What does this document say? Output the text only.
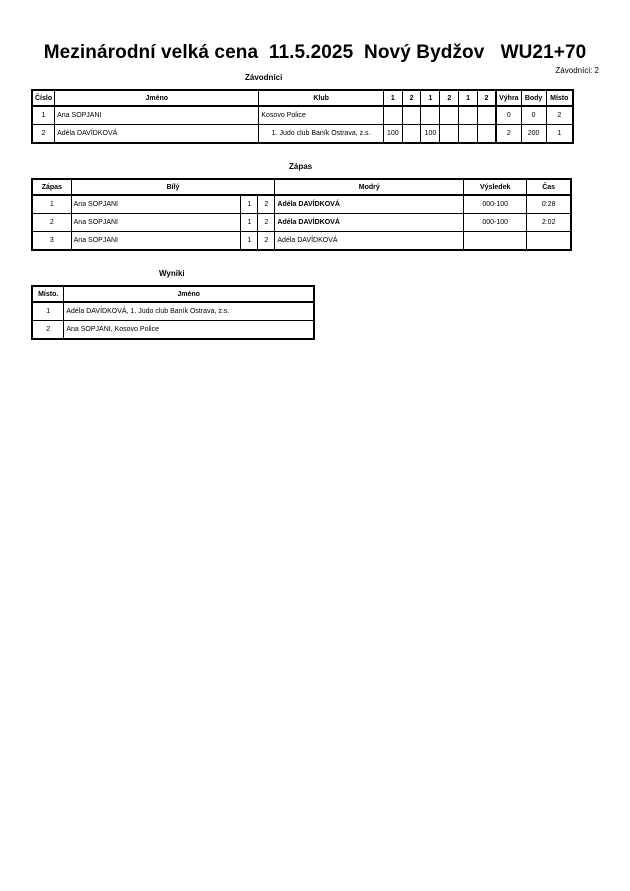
Mezinárodní velká cena  11.5.2025  Nový Bydžov   WU21+70
Závodníci: 2
Závodníci
Číslo	Jméno	Klub	1	2	1	2	1	2	Výhra	Body	Místo
1	Ana SOPJANI	Kosovo Police							0	0	2
2	Adéla DAVÍDKOVÁ	1. Judo club Baník Ostrava, z.s.	100		100				2	200	1
Zápas
Zápas	Bílý			Modrý	Výsledek	Čas
1	Ana SOPJANI	1	2	Adéla DAVÍDKOVÁ	000-100	0:28
2	Ana SOPJANI	1	2	Adéla DAVÍDKOVÁ	000-100	2:02
3	Ana SOPJANI	1	2	Adéla DAVÍDKOVÁ		
Wyniki
Místo.	Jméno
1	Adéla DAVÍDKOVÁ, 1. Judo club Baník Ostrava, z.s.
2	Ana SOPJANI, Kosovo Police
